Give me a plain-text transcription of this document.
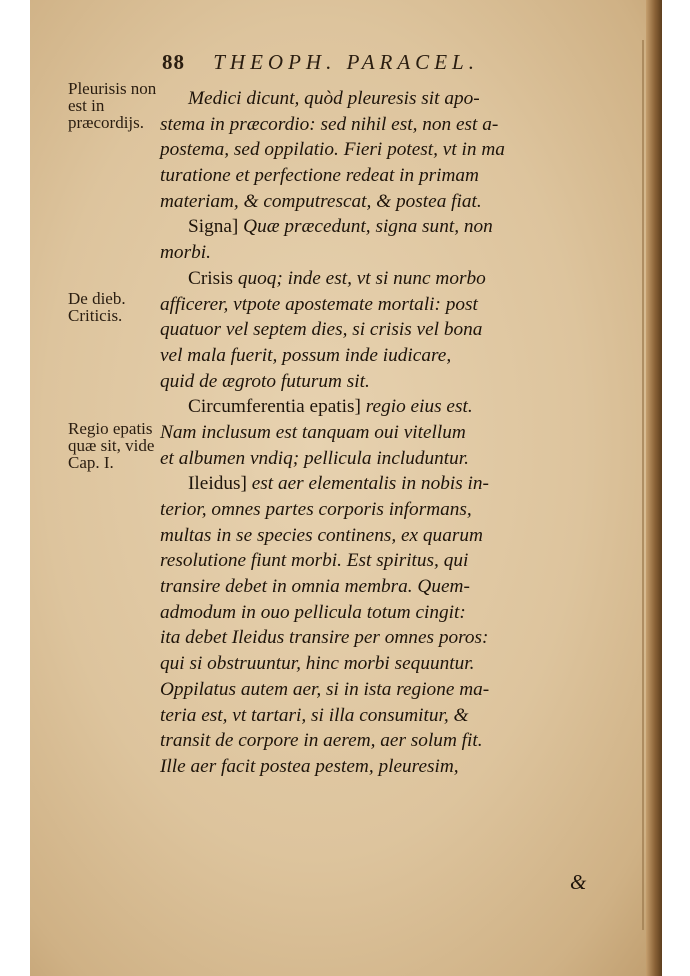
88 THEOPH. PARACEL.
Pleurisis non est in præcordijs.
De dieb. Criticis.
Regio epatis quæ sit, vide Cap. I.
Medici dicunt, quòd pleuresis sit apo-
stema in præcordio: sed nihil est, non est a-
postema, sed oppilatio. Fieri potest, vt in ma
turatione et perfectione redeat in primam
materiam, & computrescat, & postea fiat.
Signa] Quæ præcedunt, signa sunt, non
morbi.
Crisis quoq; inde est, vt si nunc morbo
afficerer, vtpote apostemate mortali: post
quatuor vel septem dies, si crisis vel bona
vel mala fuerit, possum inde iudicare,
quid de ægroto futurum sit.
Circumferentia epatis] regio eius est.
Nam inclusum est tanquam oui vitellum
et albumen vndiq; pellicula includuntur.
Ileidus] est aer elementalis in nobis in-
terior, omnes partes corporis informans,
multas in se species continens, ex quarum
resolutione fiunt morbi. Est spiritus, qui
transire debet in omnia membra. Quem-
admodum in ouo pellicula totum cingit:
ita debet Ileidus transire per omnes poros:
qui si obstruuntur, hinc morbi sequuntur.
Oppilatus autem aer, si in ista regione ma-
teria est, vt tartari, si illa consumitur, &
transit de corpore in aerem, aer solum fit.
Ille aer facit postea pestem, pleuresim,
&
